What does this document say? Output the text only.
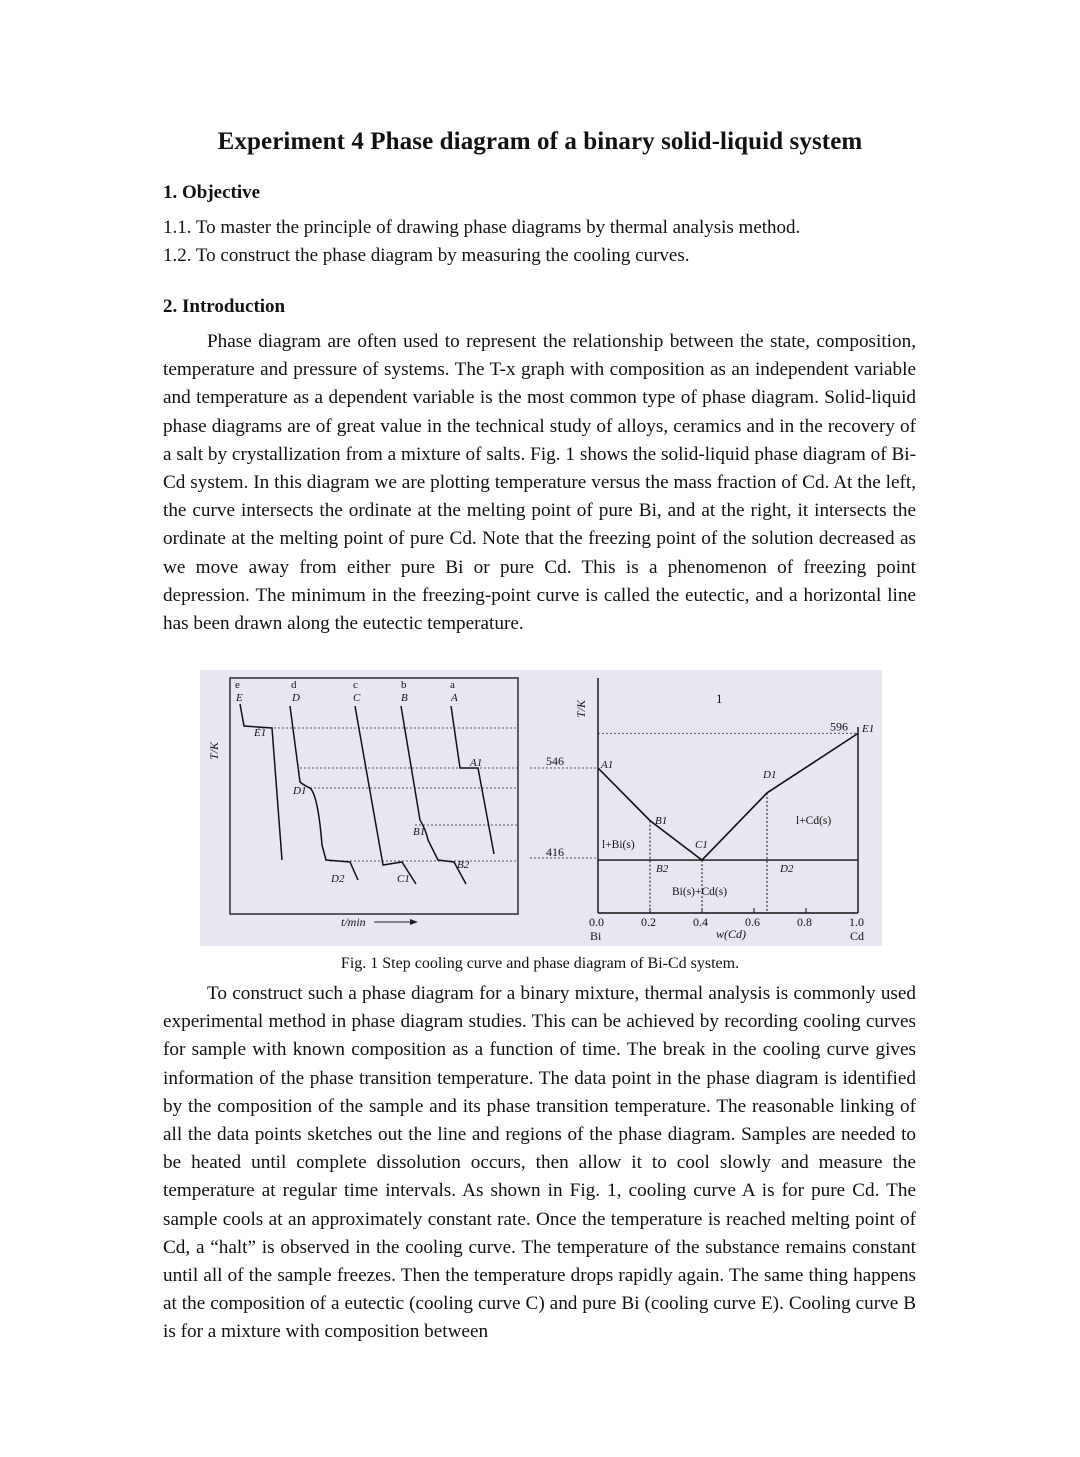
Experiment 4 Phase diagram of a binary solid-liquid system
1. Objective

1.1. To master the principle of drawing phase diagrams by thermal analysis method.

1.2. To construct the phase diagram by measuring the cooling curves.

2. Introduction

Phase diagram are often used to represent the relationship between the state, composition, temperature and pressure of systems. The T-x graph with composition as an independent variable and temperature as a dependent variable is the most common type of phase diagram. Solid-liquid phase diagrams are of great value in the technical study of alloys, ceramics and in the recovery of a salt by crystallization from a mixture of salts. Fig. 1 shows the solid-liquid phase diagram of Bi-Cd system. In this diagram we are plotting temperature versus the mass fraction of Cd. At the left, the curve intersects the ordinate at the melting point of pure Bi, and at the right, it intersects the ordinate at the melting point of pure Cd. Note that the freezing point of the solution decreased as we move away from either pure Bi or pure Cd. This is a phenomenon of freezing point depression. The minimum in the freezing-point curve is called the eutectic, and a horizontal line has been drawn along the eutectic temperature.

T/K
t/min
e
E
d
D
c
C
b
B
a
A
E1
D1
D2	C1
B1
B2
A1
T/K
546
416
596 E1
1
l+Bi(s)
l+Cd(s)
Bi(s)+Cd(s)
A1
B1
C1
D1
B2	D2
0.0	0.2	0.4	0.6	0.8	1.0
Bi	Cd
w(Cd)
Fig. 1 Step cooling curve and phase diagram of Bi-Cd system.

To construct such a phase diagram for a binary mixture, thermal analysis is commonly used experimental method in phase diagram studies. This can be achieved by recording cooling curves for sample with known composition as a function of time. The break in the cooling curve gives information of the phase transition temperature. The data point in the phase diagram is identified by the composition of the sample and its phase transition temperature. The reasonable linking of all the data points sketches out the line and regions of the phase diagram. Samples are needed to be heated until complete dissolution occurs, then allow it to cool slowly and measure the temperature at regular time intervals. As shown in Fig. 1, cooling curve A is for pure Cd. The sample cools at an approximately constant rate. Once the temperature is reached melting point of Cd, a “halt” is observed in the cooling curve. The temperature of the substance remains constant until all of the sample freezes. Then the temperature drops rapidly again. The same thing happens at the composition of a eutectic (cooling curve C) and pure Bi (cooling curve E). Cooling curve B is for a mixture with composition between
